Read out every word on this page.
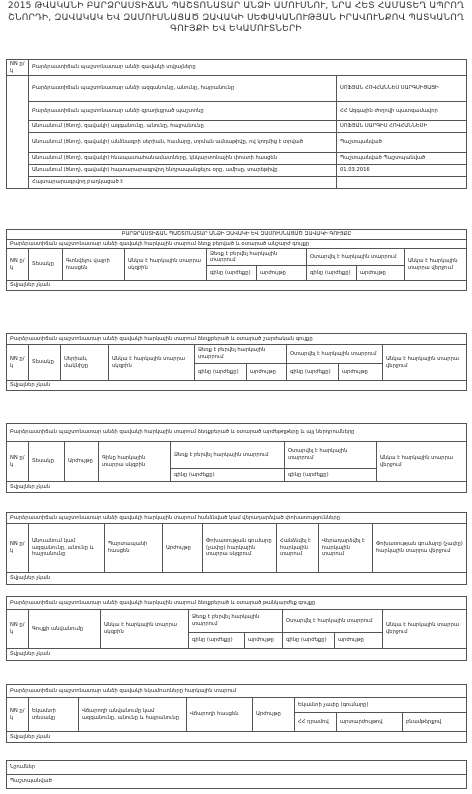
2015 ԹՎԱԿԱՆԻ ԲԱՐՁՐԱՍՏԻՃԱՆ ՊԱՇՏՈՆԱՏԱՐ ԱՆՁԻ ԱՄՈՒՍՆՈՒ, ՆՐԱ ՀԵՏ ՀԱՄԱՏԵՂ ԱՊՐՈՂ ՇՆՈՐԴԻ, ԶԱՎԱԿԱԿ ԵՎ ԶԱՄՈՒՍՆԱՑԱԾ ԶԱՎԱԿԻ ՍԵՓԱԿԱՆՈՒԹՅԱՆ ԻՐԱՎՈՒՆՔՈՎ ՊԱՏԿԱՆՈՂ ԳՈՒՅՔԻ ԵՎ ԵԿԱՄՈՒՏՆԵՐԻ
NN ը/կ	Բարձրաստիճան պաշտոնատար անձի զավակի տվյալները	
	Բարձրաստիճան պաշտոնատար անձի ազգանունը, անունը, հայրանունը	ՍՈՖՅԱՆ ՀՈՎՀԱՆՆԵՍ ՍԱՐԳՍԻՑԱՅԻ
	Բարձրաստիճան պաշտոնատար անձի զբաղեցրած պաշտոնը	ՀՀ Ազգային ժողովի պատգամավոր
	Անուանում (ծնող), զավակի) ազգանունը, անունը, հայրանունը	ՍՈՖՅԱՆ ՍԱՐԳԻՍ ՀՈՎՀԱՆՆԵՍԻ
	Անուանում (ծնող), զավակի) անձնագրի սերիան, համարը, տրման ամսաթիվը, ով կողմից է տրված	Պաշտպանված
	Անուանում (ծնող), զավակի) հնապատահանամատները, կնկարտոնային փոստի հասցեն	Պաշտպանված Պաշտպանված
	Անուանում (ծնող), զավակի) հայտարարագրվող ենդրապանցելու օրը, ամիսը, տարեթիվը	01.03.2016
	Հայտարարագրվող բաղկացած է	
ԲԱՐՁՐԱՍՏԻՃԱՆ ՊԱՇՏՈՆԱՏԱՐ ԱՆՁԻ ԶԱՎԱԿԻ ԵՎ ԶԱՄՈՒՍՆԱՑԱԾ ԶԱՎԱԿԻ ԳՈՒՅՔԸ								
Բարձրաստիճան պաշտոնատար անձի զավակի հարկային տարում ձեռք բերված և օտարած անշարժ գույքը								
NN ը/կ	Տեսակը	Գտնվելու վայրի հասցեն	Անկա է հարկային տարրա սկզբին	Ձեռք է բերվել հարկային տարրում		Օտարվել է հարկային տարրում		Անկա է հարկային տարրա վերջում
				գինը (արժեքը)	արժույթը	գինը (արժեքը)	արժույթը	
Տվյալներ չկան								
Բարձրաստիճան պաշտոնատար անձի զավակի հարկային տարում ձեռքբերած և օտարած շարժական գույքը								
NN ը/կ	Տեսակը	Սերիան, մակնիշը	Անկա է հարկային տարրա սկզբին	Ձեռք է բերվել հարկային տարրում		Օտարվել է հարկային տարրում		Անկա է հարկային տարրա վերջում
				գինը (արժեքը)	արժույթը	գինը (արժեքը)	արժույթը	
Տվյալներ չկան								
Բարձրաստիճան պաշտոնատար անձի զավակի հարկային տարում ձեռքբերած և օտարած արժեթղթերը և այլ ներդրումները						
NN ը/կ	Տեսակը	Արժույթը	Գինը հարկային տարրա սկզբին	Ձեռք է բերվել հարկային տարրում	Օտարվել է հարկային տարրում	Անկա է հարկային տարրա վերջում
				գինը (արժեքը)	գինը (արժեքը)	
Տվյալներ չկան						
Բարձրաստիճան պաշտոնատար անձի զավակի հարկային տարում հանձնված կամ վերադարձված փոխառությունները
NN ը/կ	Անուանում կամ ազգանունը, անունը և հայրանունը	Պարտապանի հասցեն	Արժույթը	Փոխառության գումարը (չափը) հարկային տարրա սկզբում	Հանձնվել է հարկային տարում	Վերադարձվել է հարկային տարում	Փոխառության գումարը (չափը) հարկային տարրա վերջում
Տվյալներ չկան
Բարձրաստիճան պաշտոնատար անձի զավակի հարկային տարում ձեռքբերած և օտարած թանկարժեք գույքը							
NN ը/կ	Գույքի անվանումը	Անկա է հարկային տարրա սկզբին	Ձեռք է բերվել հարկային տարրում		Օտարվել է հարկային տարրում		Անկա է հարկային տարրա վերջում
			գինը (արժեքը)	արժույթը	գինը (արժեքը)	արժույթը	
Տվյալներ չկան							
Բարձրաստիճան պաշտոնատար անձի զավակի եկամուտները հարկային տարում							
NN ը/կ	Եկամտի տեսակը	Վճարողի անվանումը կամ ազգանունը, անունը և հայրանունը	Վճարողի հասցեն	Արժույթը	Եկամտի չափը (գումարը)		
					ՀՀ դրամով	արտարժույթով	բնամթերքով
Տվյալներ չկան							
Նշումներ
Պաշտպանված
